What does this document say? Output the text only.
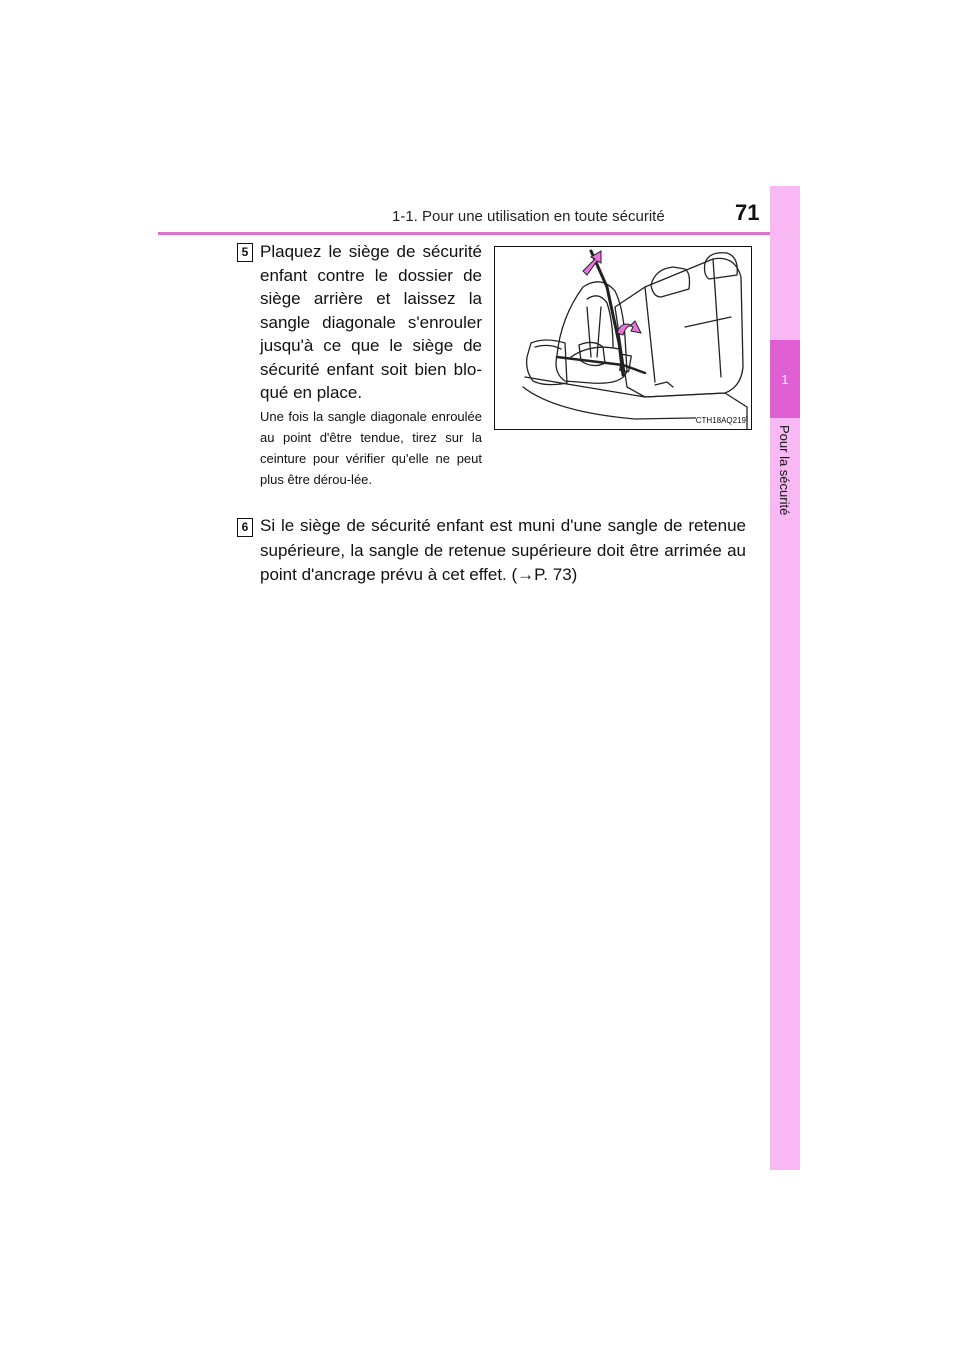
1-1. Pour une utilisation en toute sécurité	71
1
Pour la sécurité
5 Plaquez le siège de sécurité enfant contre le dossier de siège arrière et laissez la sangle diagonale s'enrouler jusqu'à ce que le siège de sécurité enfant soit bien blo-qué en place.

Une fois la sangle diagonale enroulée au point d'être tendue, tirez sur la ceinture pour vérifier qu'elle ne peut plus être dérou-lée.

CTH18AQ219
6 Si le siège de sécurité enfant est muni d'une sangle de retenue supérieure, la sangle de retenue supérieure doit être arrimée au point d'ancrage prévu à cet effet. (→P. 73)
